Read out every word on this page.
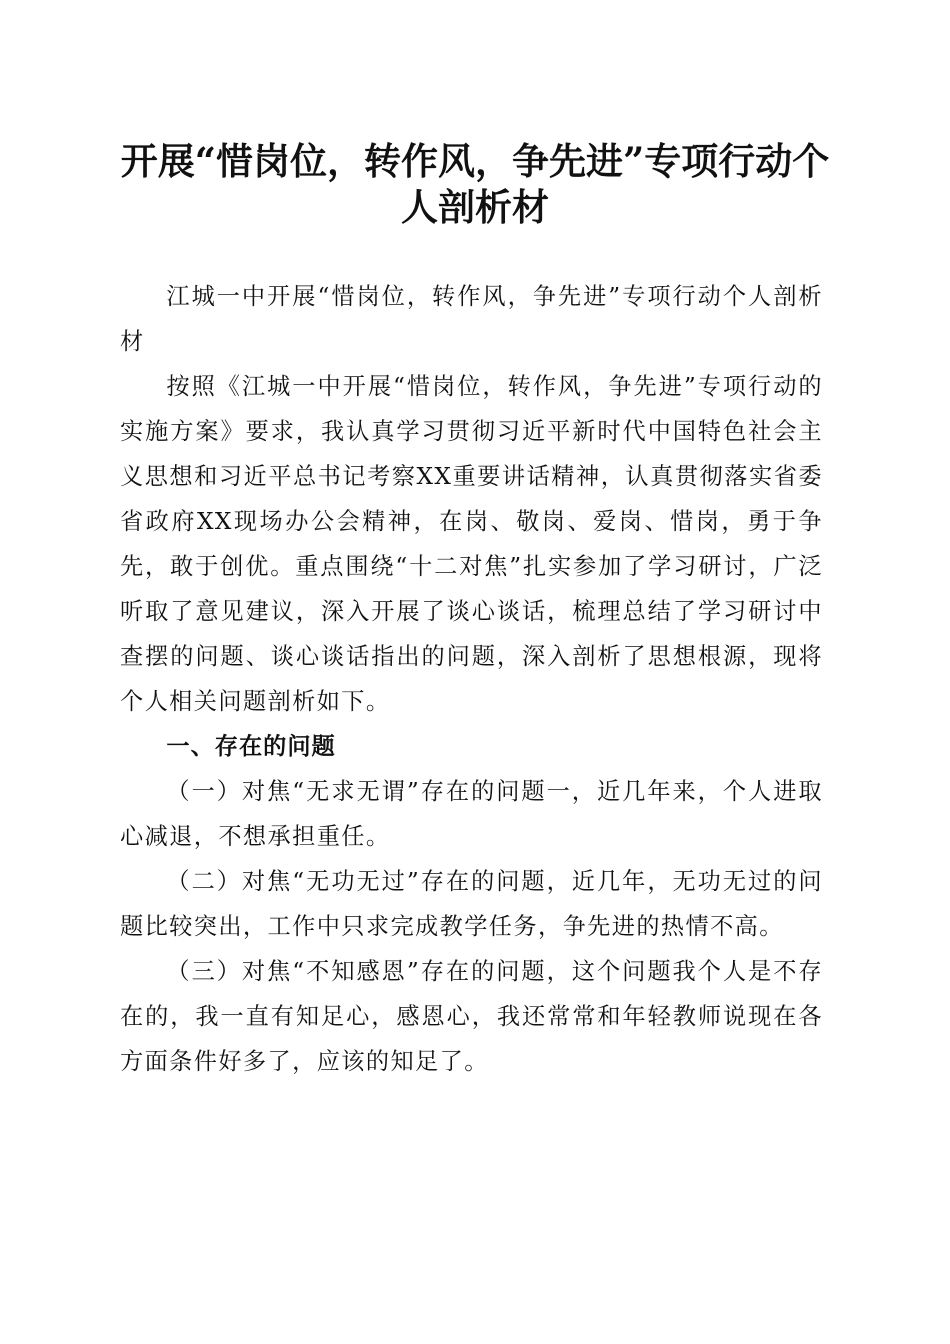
开展“惜岗位，转作风，争先进”专项行动个人剖析材

江城一中开展“惜岗位，转作风，争先进”专项行动个人剖析材

按照《江城一中开展“惜岗位，转作风，争先进”专项行动的实施方案》要求，我认真学习贯彻习近平新时代中国特色社会主义思想和习近平总书记考察XX重要讲话精神，认真贯彻落实省委省政府XX现场办公会精神，在岗、敬岗、爱岗、惜岗，勇于争先，敢于创优。重点围绕“十二对焦”扎实参加了学习研讨，广泛听取了意见建议，深入开展了谈心谈话，梳理总结了学习研讨中查摆的问题、谈心谈话指出的问题，深入剖析了思想根源，现将个人相关问题剖析如下。

一、存在的问题

（一）对焦“无求无谓”存在的问题一，近几年来，个人进取心减退，不想承担重任。

（二）对焦“无功无过”存在的问题，近几年，无功无过的问题比较突出，工作中只求完成教学任务，争先进的热情不高。

（三）对焦“不知感恩”存在的问题，这个问题我个人是不存在的，我一直有知足心，感恩心，我还常常和年轻教师说现在各方面条件好多了，应该的知足了。
